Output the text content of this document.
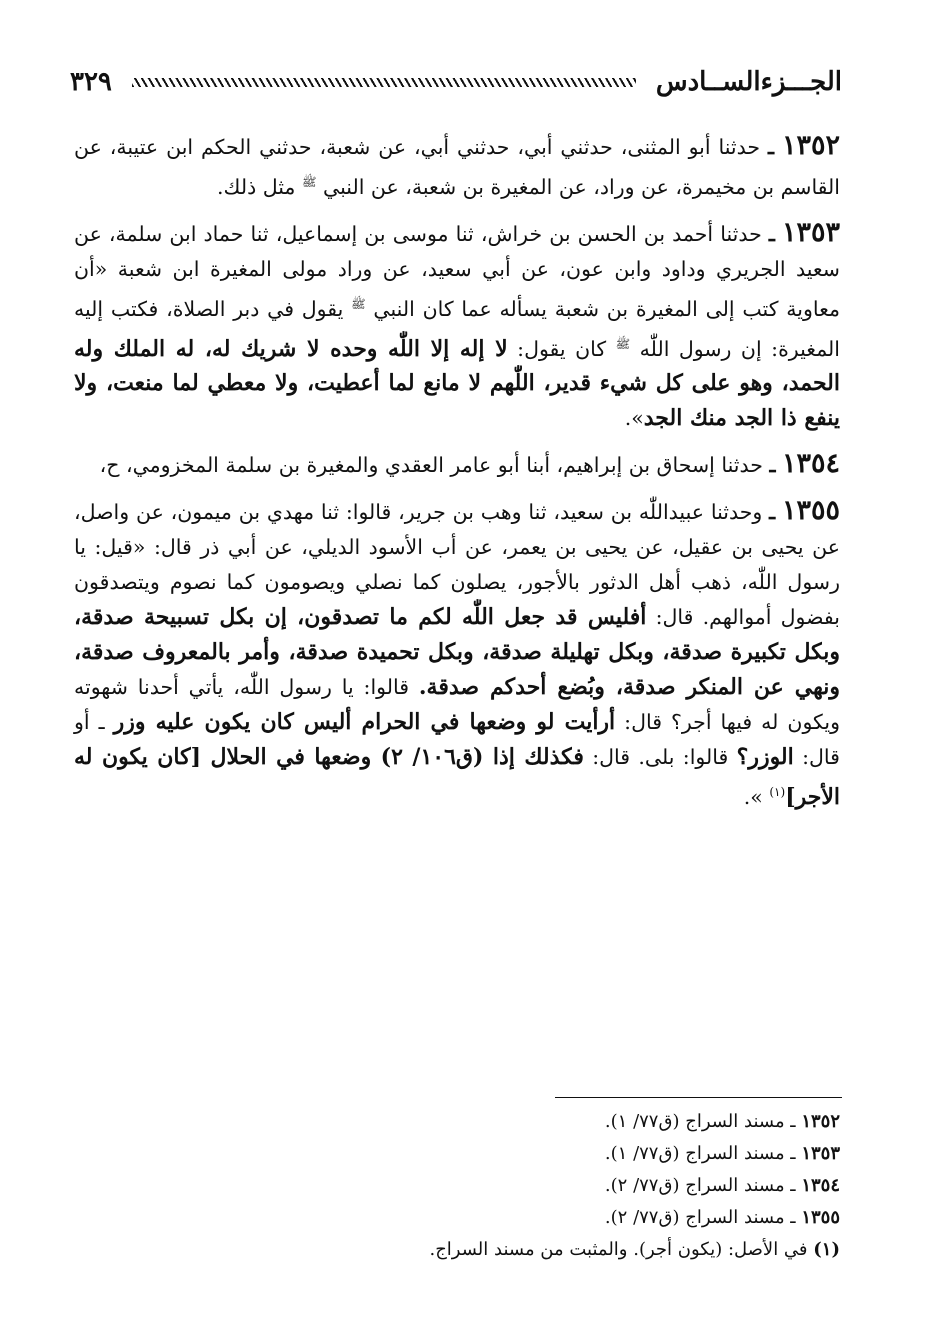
الجـــزءالســادس
٣٢٩

١٣٥٢ ـ حدثنا أبو المثنى، حدثني أبي، حدثني أبي، عن شعبة، حدثني الحكم ابن عتيبة، عن القاسم بن مخيمرة، عن وراد، عن المغيرة بن شعبة، عن النبي $^ﷺ$ مثل ذلك.

١٣٥٣ ـ حدثنا أحمد بن الحسن بن خراش، ثنا موسى بن إسماعيل، ثنا حماد ابن سلمة، عن سعيد الجريري وداود وابن عون، عن أبي سعيد، عن وراد مولى المغيرة ابن شعبة «أن معاوية كتب إلى المغيرة بن شعبة يسأله عما كان النبي $^ﷺ$ يقول في دبر الصلاة، فكتب إليه المغيرة: إن رسول اللّٰه $^ﷺ$ كان يقول: لا إله إلا اللّٰه وحده لا شريك له، له الملك وله الحمد، وهو على كل شيء قدير، اللّٰهم لا مانع لما أعطيت، ولا معطي لما منعت، ولا ينفع ذا الجد منك الجد».

١٣٥٤ ـ حدثنا إسحاق بن إبراهيم، أبنا أبو عامر العقدي والمغيرة بن سلمة المخزومي، ح،

١٣٥٥ ـ وحدثنا عبيداللّٰه بن سعيد، ثنا وهب بن جرير، قالوا: ثنا مهدي بن ميمون، عن واصل، عن يحيى بن عقيل، عن يحيى بن يعمر، عن أب الأسود الديلي، عن أبي ذر قال: «قيل: يا رسول اللّٰه، ذهب أهل الدثور بالأجور، يصلون كما نصلي ويصومون كما نصوم ويتصدقون بفضول أموالهم. قال: أفليس قد جعل اللّٰه لكم ما تصدقون، إن بكل تسبيحة صدقة، وبكل تكبيرة صدقة، وبكل تهليلة صدقة، وبكل تحميدة صدقة، وأمر بالمعروف صدقة، ونهي عن المنكر صدقة، وبُضع أحدكم صدقة. قالوا: يا رسول اللّٰه، يأتي أحدنا شهوته ويكون له فيها أجر؟ قال: أرأيت لو وضعها في الحرام أليس كان يكون عليه وزر ـ أو قال: الوزر؟ قالوا: بلى. قال: فكذلك إذا (ق١٠٦/ ٢) وضعها في الحلال [كان يكون له الأجر]$^{(١)}$ ».

١٣٥٢ ـ مسند السراج (ق٧٧/ ١).
١٣٥٣ ـ مسند السراج (ق٧٧/ ١).
١٣٥٤ ـ مسند السراج (ق٧٧/ ٢).
١٣٥٥ ـ مسند السراج (ق٧٧/ ٢).
(١) في الأصل: (يكون أجر). والمثبت من مسند السراج.
